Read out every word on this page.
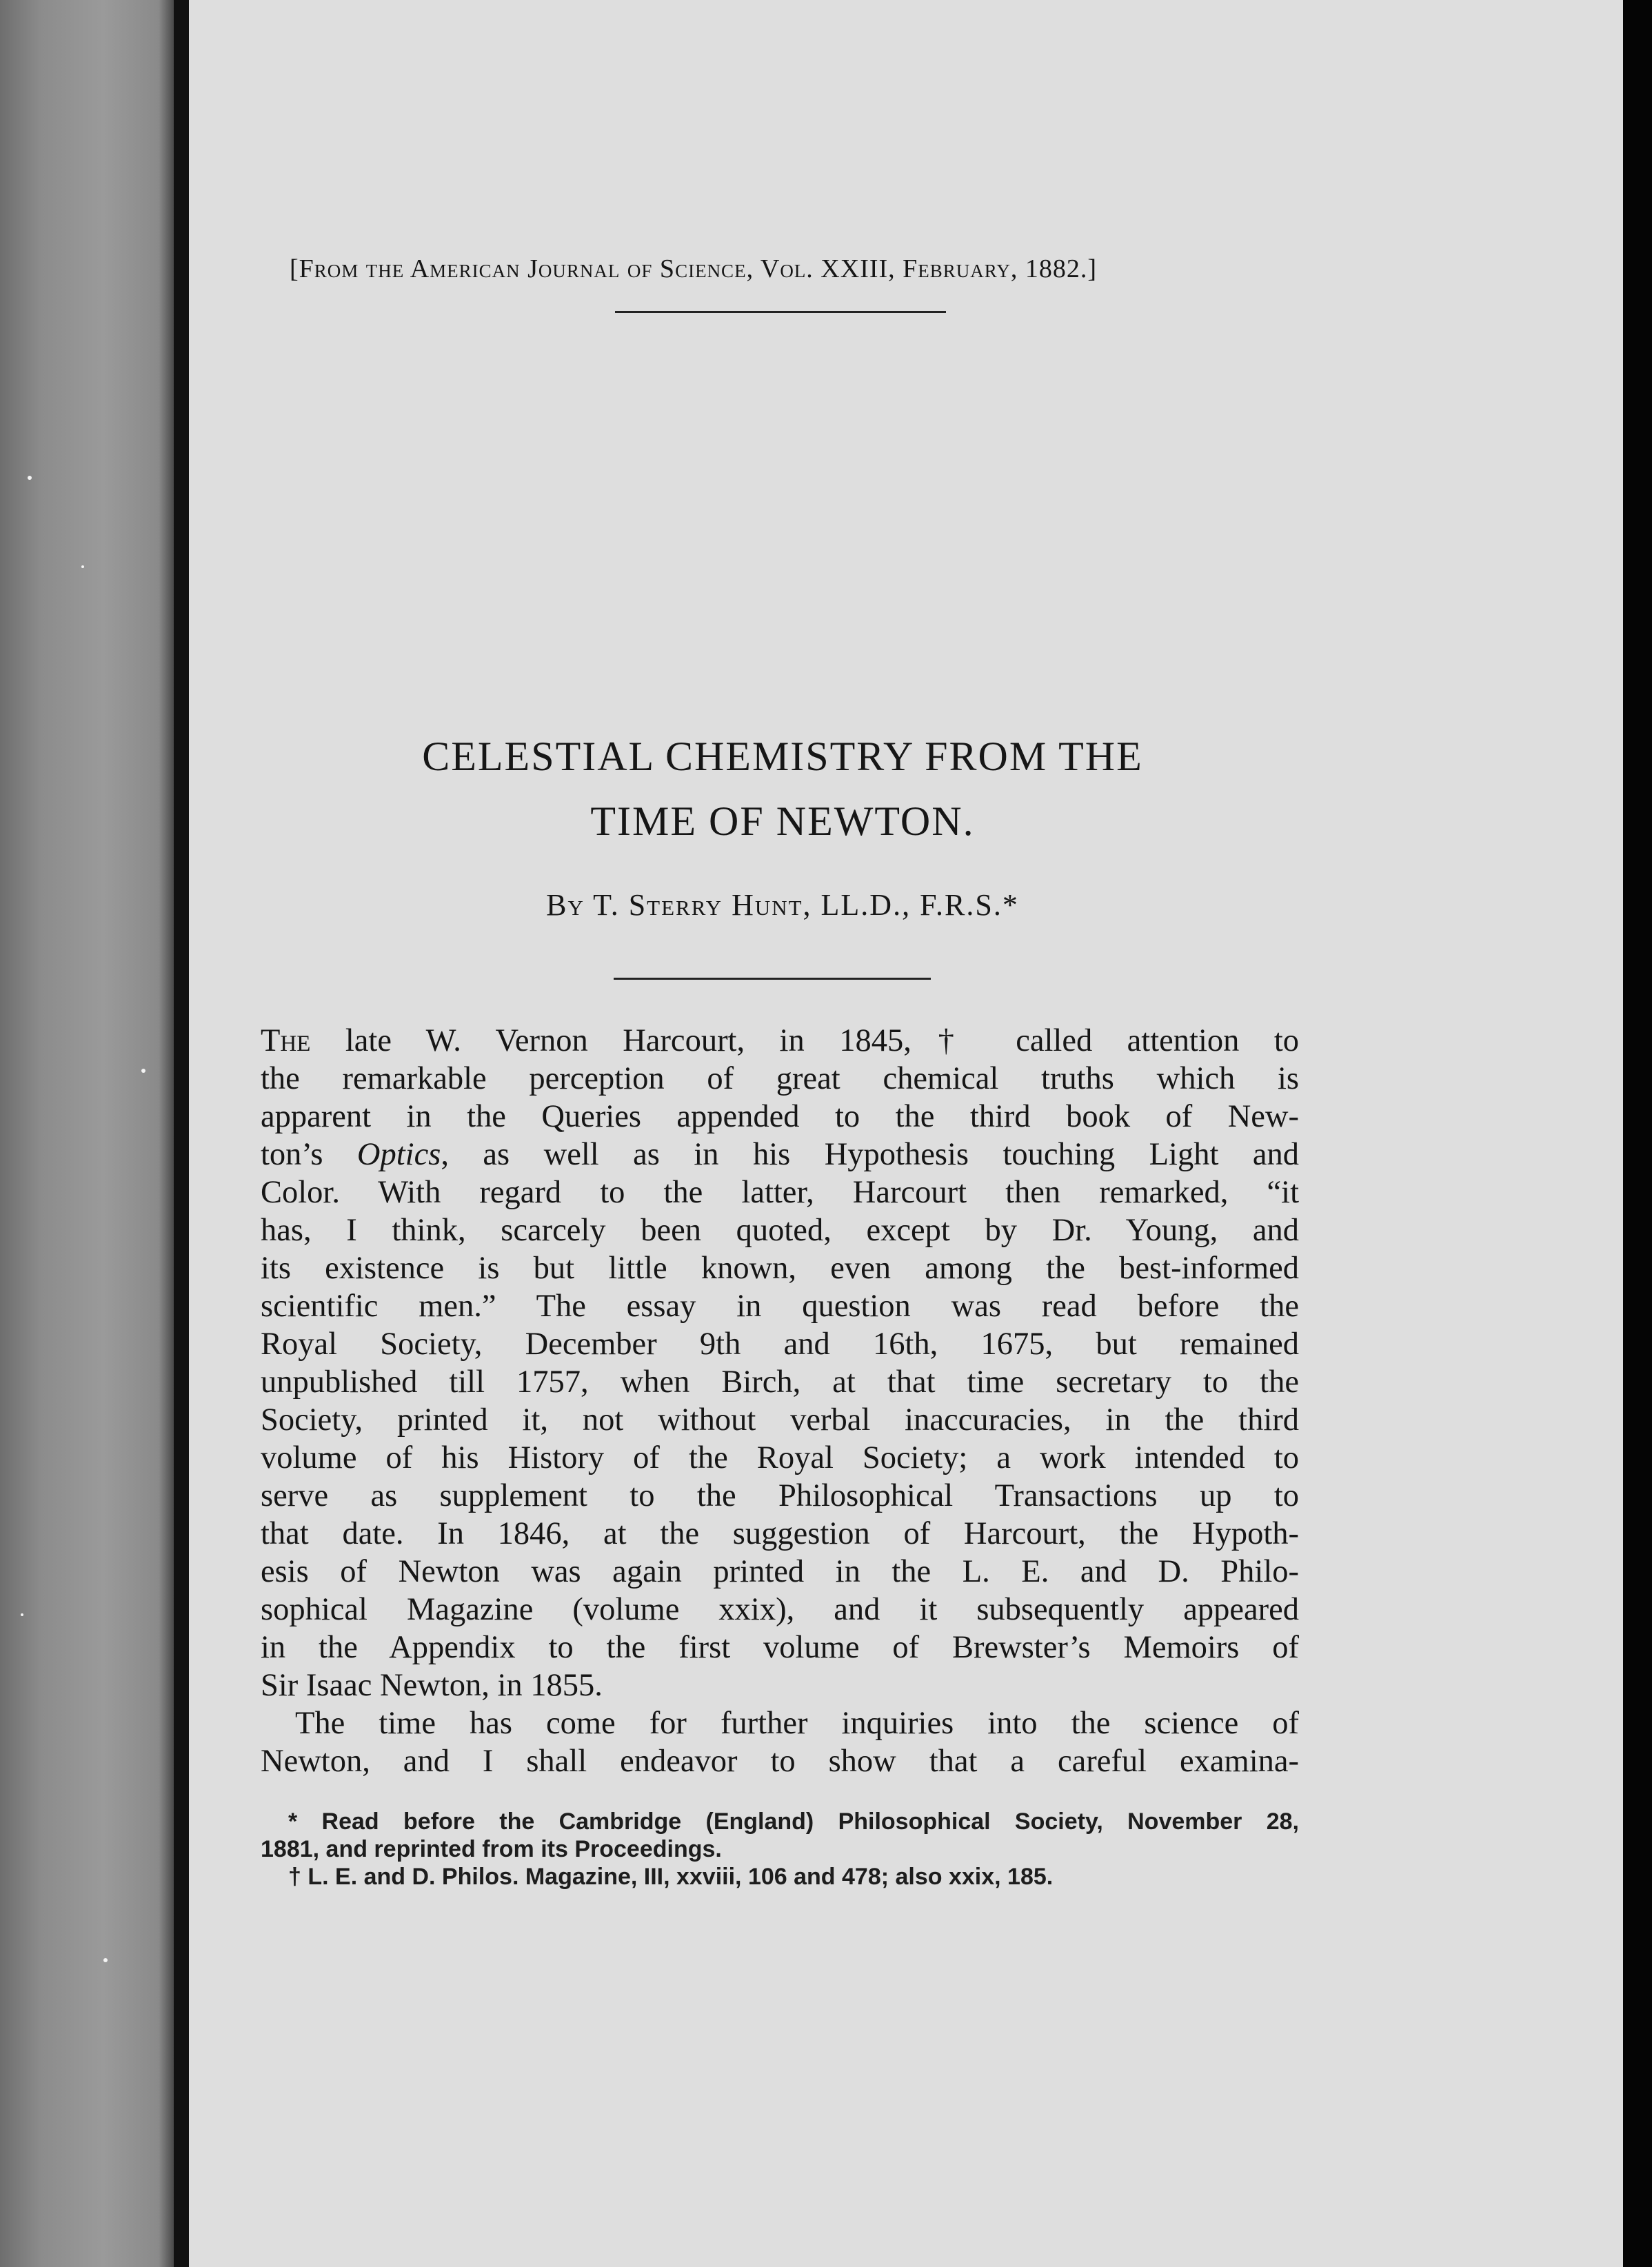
[From the American Journal of Science, Vol. XXIII, February, 1882.]
CELESTIAL CHEMISTRY FROM THE
TIME OF NEWTON.
By T. Sterry Hunt, LL.D., F.R.S.*
The late W. Vernon Harcourt, in 1845,† called attention to
the remarkable perception of great chemical truths which is
apparent in the Queries appended to the third book of New-
ton’s Optics, as well as in his Hypothesis touching Light and
Color. With regard to the latter, Harcourt then remarked, “it
has, I think, scarcely been quoted, except by Dr. Young, and
its existence is but little known, even among the best-informed
scientific men.” The essay in question was read before the
Royal Society, December 9th and 16th, 1675, but remained
unpublished till 1757, when Birch, at that time secretary to the
Society, printed it, not without verbal inaccuracies, in the third
volume of his History of the Royal Society; a work intended to
serve as supplement to the Philosophical Transactions up to
that date. In 1846, at the suggestion of Harcourt, the Hypoth-
esis of Newton was again printed in the L. E. and D. Philo-
sophical Magazine (volume xxix), and it subsequently appeared
in the Appendix to the first volume of Brewster’s Memoirs of
Sir Isaac Newton, in 1855.
The time has come for further inquiries into the science of
Newton, and I shall endeavor to show that a careful examina-
* Read before the Cambridge (England) Philosophical Society, November 28,
1881, and reprinted from its Proceedings.
† L. E. and D. Philos. Magazine, III, xxviii, 106 and 478; also xxix, 185.
